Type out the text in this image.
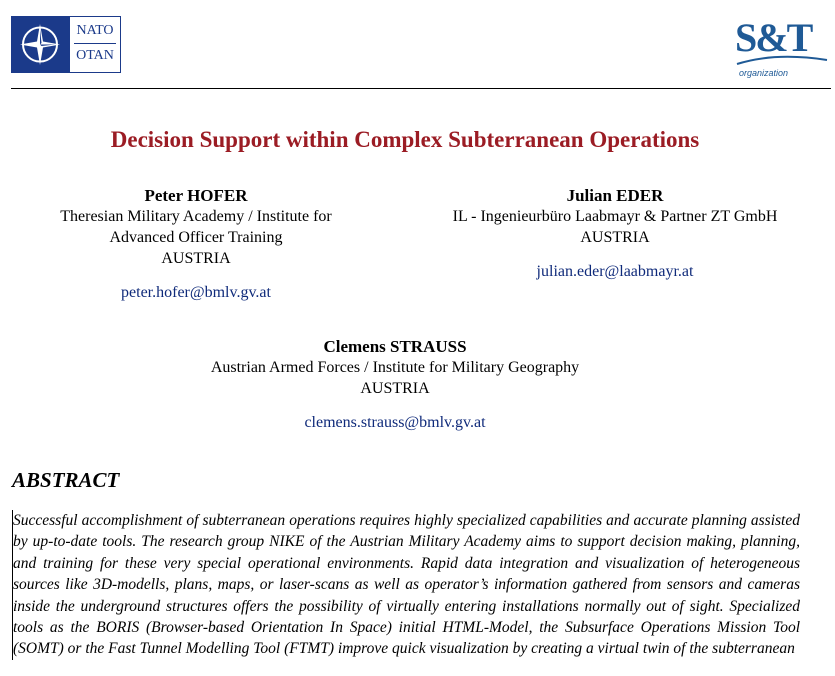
NATO
OTAN	S&T
organization
Decision Support within Complex Subterranean Operations
Peter HOFER
Theresian Military Academy / Institute for
Advanced Officer Training
AUSTRIA
peter.hofer@bmlv.gv.at
Julian EDER
IL - Ingenieurbüro Laabmayr & Partner ZT GmbH
AUSTRIA
julian.eder@laabmayr.at
Clemens STRAUSS
Austrian Armed Forces / Institute for Military Geography
AUSTRIA
clemens.strauss@bmlv.gv.at
ABSTRACT
Successful accomplishment of subterranean operations requires highly specialized capabilities and accurate planning assisted by up-to-date tools. The research group NIKE of the Austrian Military Academy aims to support decision making, planning, and training for these very special operational environments. Rapid data integration and visualization of heterogeneous sources like 3D-modells, plans, maps, or laser-scans as well as operator’s information gathered from sensors and cameras inside the underground structures offers the possibility of virtually entering installations normally out of sight. Specialized tools as the BORIS (Browser-based Orientation In Space) initial HTML-Model, the Subsurface Operations Mission Tool (SOMT) or the Fast Tunnel Modelling Tool (FTMT) improve quick visualization by creating a virtual twin of the subterranean
